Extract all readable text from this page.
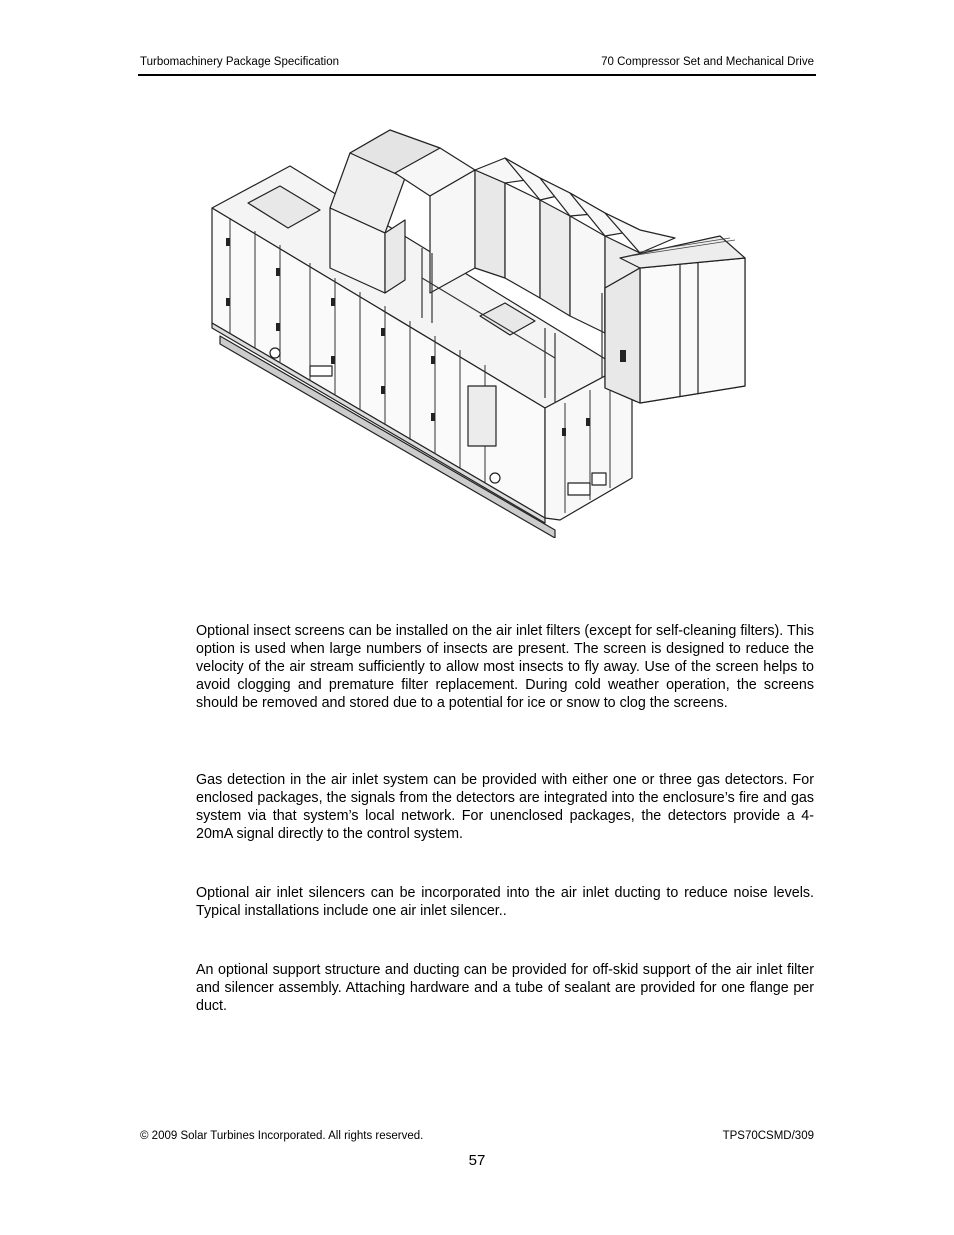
Turbomachinery Package Specification	70 Compressor Set and Mechanical Drive

Optional insect screens can be installed on the air inlet filters (except for self-cleaning filters). This option is used when large numbers of insects are present. The screen is designed to reduce the velocity of the air stream sufficiently to allow most insects to fly away. Use of the screen helps to avoid clogging and premature filter replacement. During cold weather operation, the screens should be removed and stored due to a potential for ice or snow to clog the screens.

Gas detection in the air inlet system can be provided with either one or three gas detectors. For enclosed packages, the signals from the detectors are integrated into the enclosure’s fire and gas system via that system’s local network. For unenclosed packages, the detectors provide a 4-20mA signal directly to the control system.

Optional air inlet silencers can be incorporated into the air inlet ducting to reduce noise levels. Typical installations include one air inlet silencer..

An optional support structure and ducting can be provided for off-skid support of the air inlet filter and silencer assembly. Attaching hardware and a tube of sealant are provided for one flange per duct.

© 2009 Solar Turbines Incorporated. All rights reserved.	TPS70CSMD/309
57
